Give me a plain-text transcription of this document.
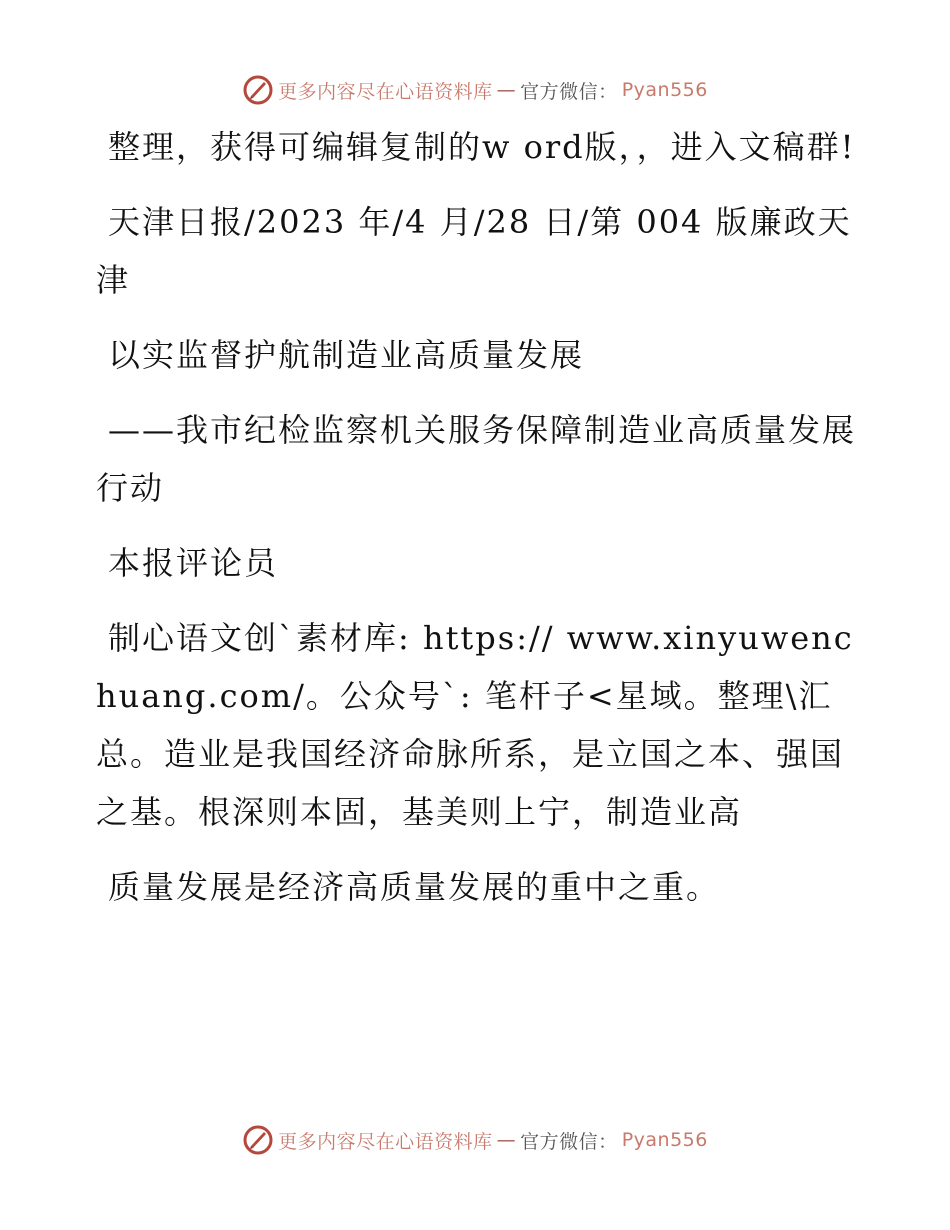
更多内容尽在心语资料库 — 官方微信： Pyan556

整理，获得可编辑复制的w ord版，，进入文稿群!

天津日报/2023 年/4 月/28 日/第 004 版廉政天津

以实监督护航制造业高质量发展

——我市纪检监察机关服务保障制造业高质量发展行动

本报评论员

制心语文创`素材库: https:// www.xinyuwenchuang.com/。公众号`: 笔杆子<星域。整理\汇总。造业是我国经济命脉所系，是立国之本、强国之基。根深则本固，基美则上宁，制造业高

质量发展是经济高质量发展的重中之重。

更多内容尽在心语资料库 — 官方微信： Pyan556
